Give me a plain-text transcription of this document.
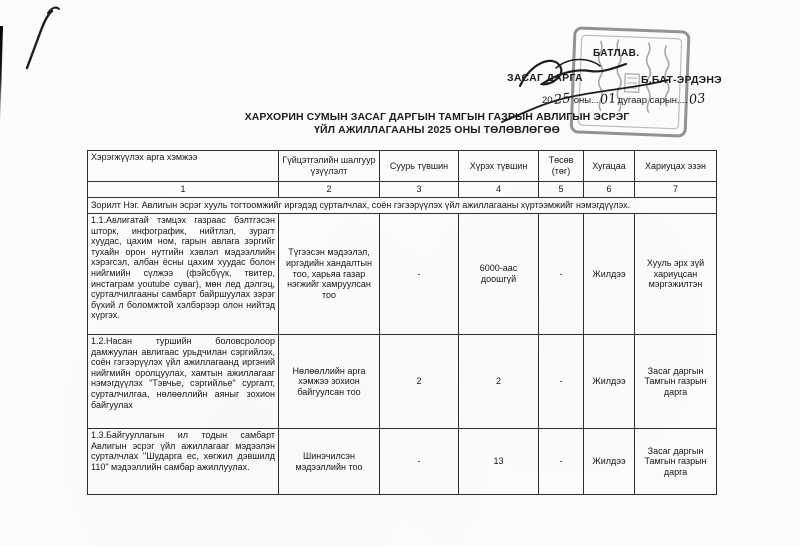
БАТЛАВ.
ЗАСАГ ДАРГА	Б.БАТ-ЭРДЭНЭ
2025 оны...01дугаар сарын....03
ХАРХОРИН СУМЫН ЗАСАГ ДАРГЫН ТАМГЫН ГАЗРЫН АВЛИГЫН ЭСРЭГ
ҮЙЛ АЖИЛЛАГААНЫ 2025 ОНЫ ТӨЛӨВЛӨГӨӨ
Хэрэгжүүлэх арга хэмжээ	Гүйцэтгэлийн шалгуур үзүүлэлт	Суурь түвшин	Хүрэх түвшин	Төсөв (төг)	Хугацаа	Хариуцах эзэн
1	2	3	4	5	6	7
Зорилт Нэг. Авлигын эсрэг хууль тогтоомжийг иргэдэд сурталчлах, соён гэгээрүүлэх үйл ажиллагааны хүртээмжийг нэмэгдүүлэх.						
1.1.Авлигатай тэмцэх газраас бэлтгэсэн шторк, инфографик, нийтлэл, зурагт хуудас, цахим ном, гарын авлага зэргийг тухайн орон нутгийн хэвлэл мэдээллийн хэрэгсэл, албан ёсны цахим хуудас болон нийгмийн сүлжээ (фэйсбүүк, твитер, инстаграм youtube суваг), мөн лед дэлгэц, сурталчилгааны самбарт байршуулах зэрэг бүхий л боломжтой хэлбэрээр олон нийтэд хүргэх.	Түгээсэн мэдээлэл, иргэдийн хандалтын тоо, харьяа газар нэгжийг хамруулсан тоо	-	6000-аас доошгүй	-	Жилдээ	Хууль эрх зүй хариуцсан мэргэжилтэн
1.2.Насан туршийн боловсролоор дамжуулан авлигаас урьдчилан сэргийлэх, соён гэгээрүүлэх үйл ажиллагаанд иргэний нийгмийн оролцуулах, хамтын ажиллагааг нэмэгдүүлэх "Тэвчье, сэргийлье" сургалт, сурталчилгаа, нөлөөллийн аяныг зохион байгуулах	Нөлөөллийн арга хэмжээ зохион байгуулсан тоо	2	2	-	Жилдээ	Засаг даргын Тамгын газрын дарга
1.3.Байгууллагын ил тодын самбарт Авлигын эсрэг үйл ажиллагааг мэдээлэн сурталчлах "Шударга ес, хөгжил дэвшилд 110" мэдээллийн самбар ажиллуулах.	Шинэчилсэн мэдээллийн тоо	-	13	-	Жилдээ	Засаг даргын Тамгын газрын дарга
